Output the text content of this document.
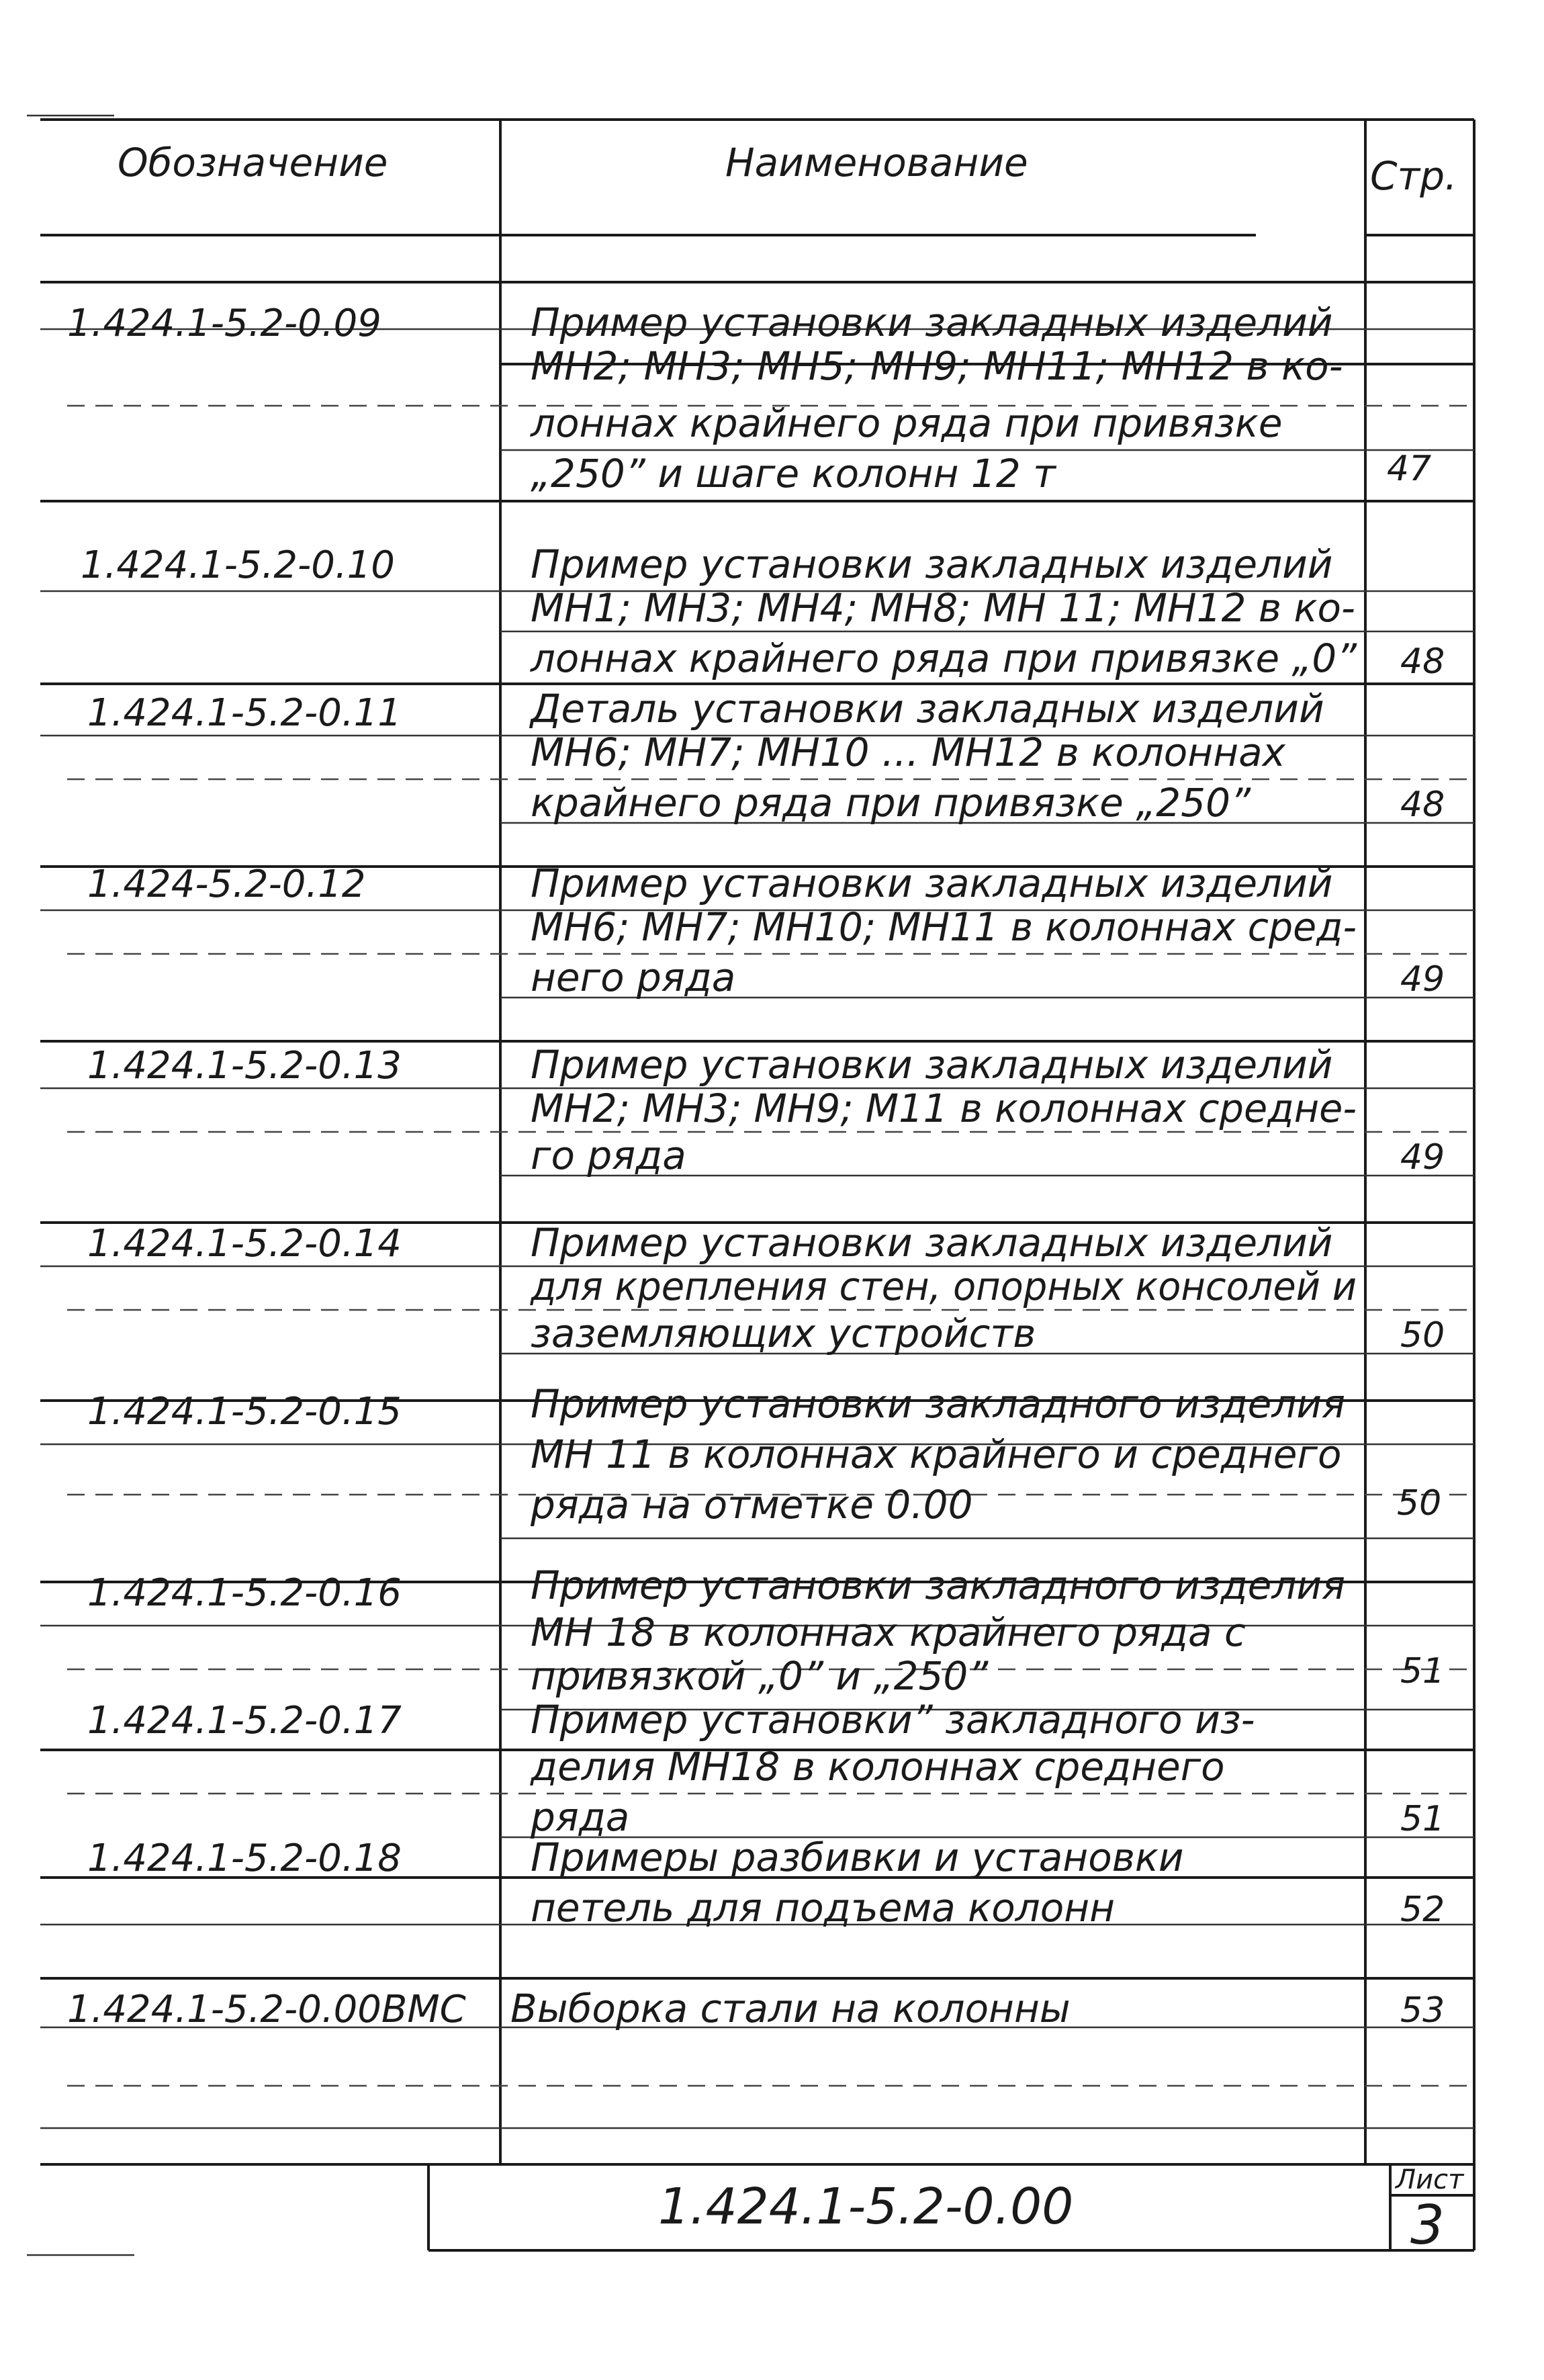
Обозначение	Наименование	Стр.
1.424.1-5.2-0.09	Пример установки закладных изделий
МН2; МН3; МН5; МН9; МН11; МН12 в ко-
лоннах крайнего ряда при привязке
„250” и шаге колонн 12 т	47
1.424.1-5.2-0.10	Пример установки закладных изделий
МН1; МН3; МН4; МН8; МН 11; МН12 в ко-
лоннах крайнего ряда при привязке „0” 48
1.424.1-5.2-0.11	Деталь установки закладных изделий
МН6; МН7; МН10 ... МН12 в колоннах
крайнего ряда при привязке „250”	48
1.424-5.2-0.12	Пример установки закладных изделий
МН6; МН7; МН10; МН11 в колоннах сред-
него ряда	49
1.424.1-5.2-0.13	Пример установки закладных изделий
МН2; МН3; МН9; М11 в колоннах средне-
го ряда	49
1.424.1-5.2-0.14	Пример установки закладных изделий
для крепления стен, опорных консолей и
заземляющих устройств	50
1.424.1-5.2-0.15	Пример установки закладного изделия
МН 11 в колоннах крайнего и среднего
ряда на отметке 0.00	50
1.424.1-5.2-0.16	Пример установки закладного изделия
МН 18 в колоннах крайнего ряда с
привязкой „0” и „250”	51
1.424.1-5.2-0.17	Пример установки” закладного из-
делия МН18 в колоннах среднего
ряда	51
1.424.1-5.2-0.18	Примеры разбивки и установки
петель для подъема колонн	52
1.424.1-5.2-0.00ВМС Выборка стали на колонны	53
1.424.1-5.2-0.00	Лист
3
